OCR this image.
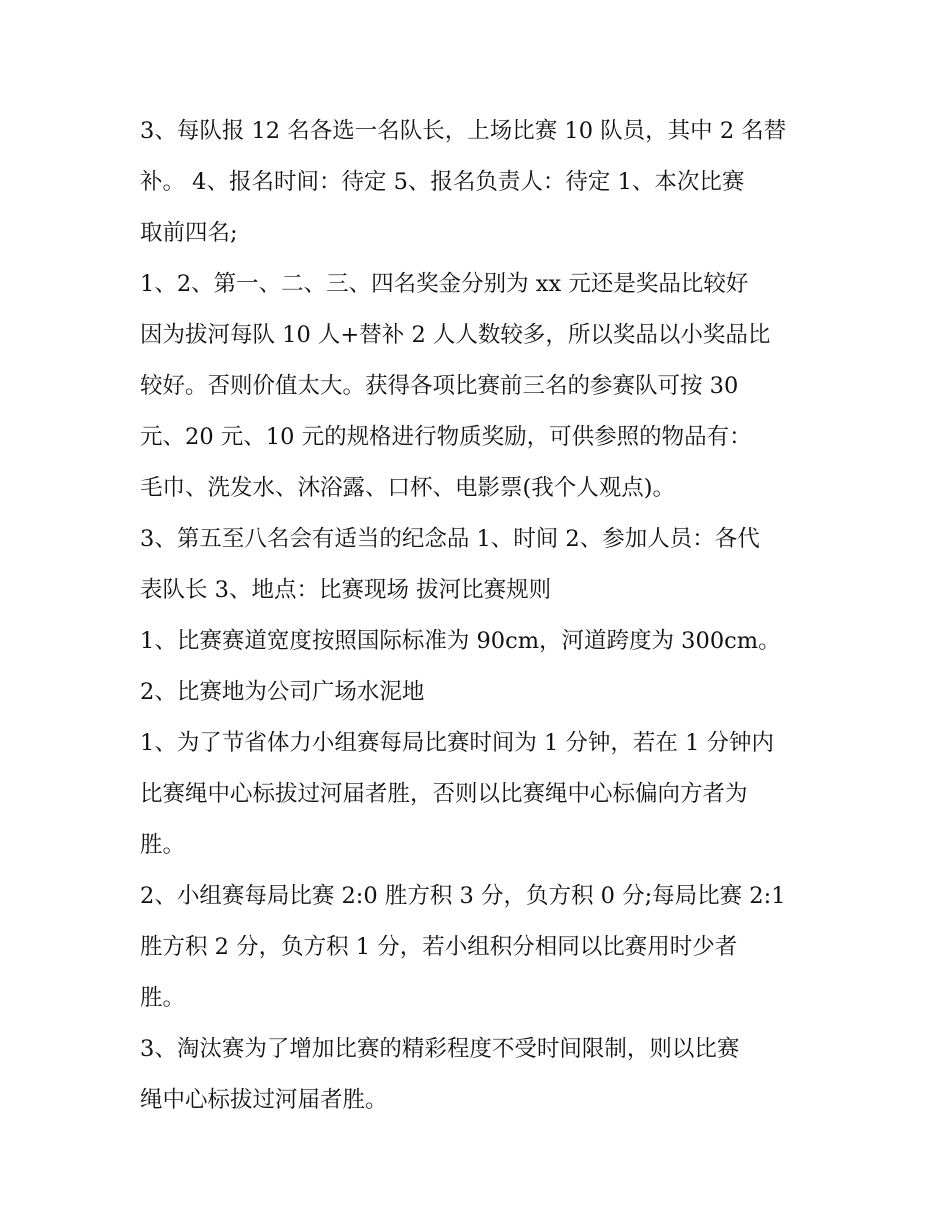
3、每队报 12 名各选一名队长，上场比赛 10 队员，其中 2 名替
补。 4、报名时间：待定 5、报名负责人：待定 1、本次比赛
取前四名;

1、2、第一、二、三、四名奖金分别为 xx 元还是奖品比较好
因为拔河每队 10 人+替补 2 人人数较多，所以奖品以小奖品比
较好。否则价值太大。获得各项比赛前三名的参赛队可按 30
元、20 元、10 元的规格进行物质奖励，可供参照的物品有：
毛巾、洗发水、沐浴露、口杯、电影票(我个人观点)。

3、第五至八名会有适当的纪念品 1、时间 2、参加人员：各代
表队长 3、地点：比赛现场 拔河比赛规则

1、比赛赛道宽度按照国际标准为 90cm，河道跨度为 300cm。

2、比赛地为公司广场水泥地

1、为了节省体力小组赛每局比赛时间为 1 分钟，若在 1 分钟内
比赛绳中心标拔过河届者胜，否则以比赛绳中心标偏向方者为
胜。

2、小组赛每局比赛 2:0 胜方积 3 分，负方积 0 分;每局比赛 2:1
胜方积 2 分，负方积 1 分，若小组积分相同以比赛用时少者
胜。

3、淘汰赛为了增加比赛的精彩程度不受时间限制，则以比赛
绳中心标拔过河届者胜。
